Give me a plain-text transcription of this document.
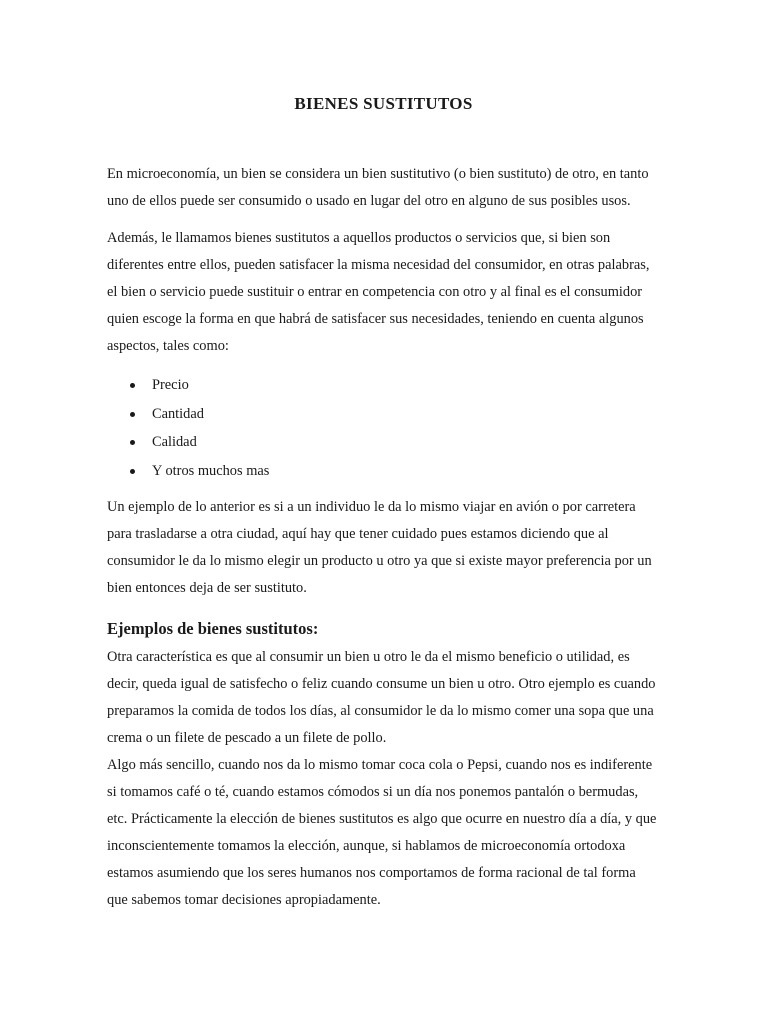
BIENES SUSTITUTOS

En microeconomía, un bien se considera un bien sustitutivo (o bien sustituto) de otro, en tanto uno de ellos puede ser consumido o usado en lugar del otro en alguno de sus posibles usos.

Además, le llamamos bienes sustitutos a aquellos productos o servicios que, si bien son diferentes entre ellos, pueden satisfacer la misma necesidad del consumidor, en otras palabras, el bien o servicio puede sustituir o entrar en competencia con otro y al final es el consumidor quien escoge la forma en que habrá de satisfacer sus necesidades, teniendo en cuenta algunos aspectos, tales como:

Precio
Cantidad
Calidad
Y otros muchos mas

Un ejemplo de lo anterior es si a un individuo le da lo mismo viajar en avión o por carretera para trasladarse a otra ciudad, aquí hay que tener cuidado pues estamos diciendo que al consumidor le da lo mismo elegir un producto u otro ya que si existe mayor preferencia por un bien entonces deja de ser sustituto.

Ejemplos de bienes sustitutos:

Otra característica es que al consumir un bien u otro le da el mismo beneficio o utilidad, es decir, queda igual de satisfecho o feliz cuando consume un bien u otro. Otro ejemplo es cuando preparamos la comida de todos los días, al consumidor le da lo mismo comer una sopa que una crema o un filete de pescado a un filete de pollo.

Algo más sencillo, cuando nos da lo mismo tomar coca cola o Pepsi, cuando nos es indiferente si tomamos café o té, cuando estamos cómodos si un día nos ponemos pantalón o bermudas, etc. Prácticamente la elección de bienes sustitutos es algo que ocurre en nuestro día a día, y que inconscientemente tomamos la elección, aunque, si hablamos de microeconomía ortodoxa estamos asumiendo que los seres humanos nos comportamos de forma racional de tal forma que sabemos tomar decisiones apropiadamente.
